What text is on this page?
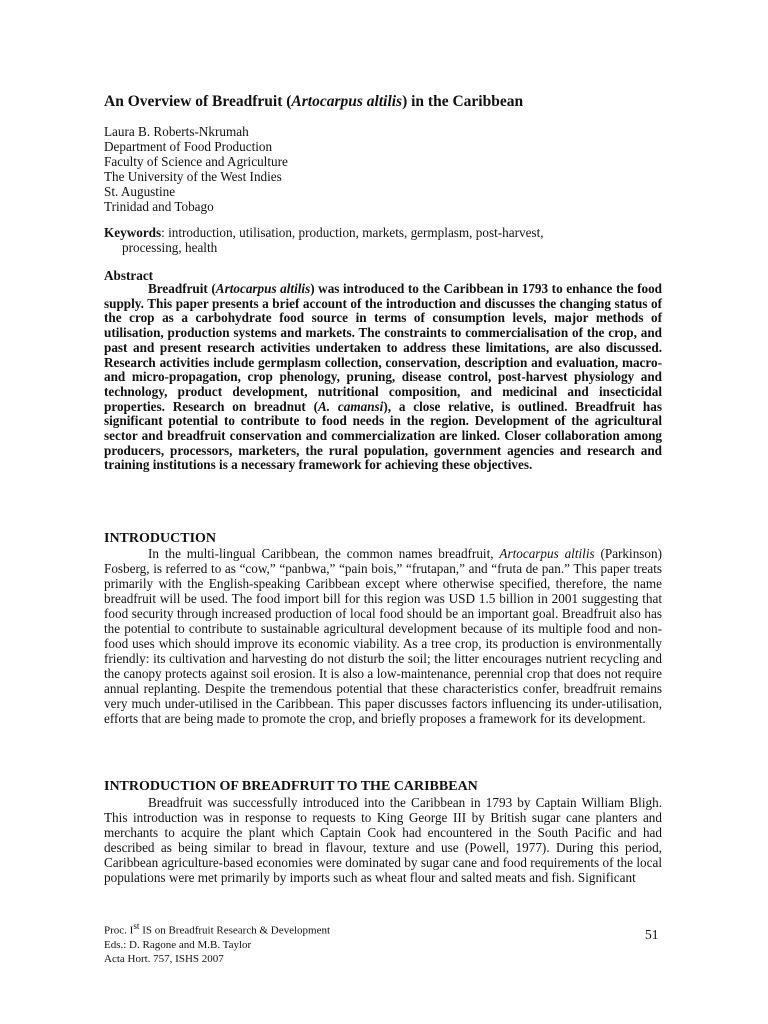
An Overview of Breadfruit (Artocarpus altilis) in the Caribbean
Laura B. Roberts-Nkrumah
Department of Food Production
Faculty of Science and Agriculture
The University of the West Indies
St. Augustine
Trinidad and Tobago
Keywords: introduction, utilisation, production, markets, germplasm, post-harvest,
processing, health
Abstract

Breadfruit (Artocarpus altilis) was introduced to the Caribbean in 1793 to enhance the food supply. This paper presents a brief account of the introduction and discusses the changing status of the crop as a carbohydrate food source in terms of consumption levels, major methods of utilisation, production systems and markets. The constraints to commercialisation of the crop, and past and present research activities undertaken to address these limitations, are also discussed. Research activities include germplasm collection, conservation, description and evaluation, macro- and micro-propagation, crop phenology, pruning, disease control, post-harvest physiology and technology, product development, nutritional composition, and medicinal and insecticidal properties. Research on breadnut (A. camansi), a close relative, is outlined. Breadfruit has significant potential to contribute to food needs in the region. Development of the agricultural sector and breadfruit conservation and commercialization are linked. Closer collaboration among producers, processors, marketers, the rural population, government agencies and research and training institutions is a necessary framework for achieving these objectives.

INTRODUCTION

In the multi-lingual Caribbean, the common names breadfruit, Artocarpus altilis (Parkinson) Fosberg, is referred to as “cow,” “panbwa,” “pain bois,” “frutapan,” and “fruta de pan.” This paper treats primarily with the English-speaking Caribbean except where otherwise specified, therefore, the name breadfruit will be used. The food import bill for this region was USD 1.5 billion in 2001 suggesting that food security through increased production of local food should be an important goal. Breadfruit also has the potential to contribute to sustainable agricultural development because of its multiple food and non-food uses which should improve its economic viability. As a tree crop, its production is environmentally friendly: its cultivation and harvesting do not disturb the soil; the litter encourages nutrient recycling and the canopy protects against soil erosion. It is also a low-maintenance, perennial crop that does not require annual replanting. Despite the tremendous potential that these characteristics confer, breadfruit remains very much under-utilised in the Caribbean. This paper discusses factors influencing its under-utilisation, efforts that are being made to promote the crop, and briefly proposes a framework for its development.

INTRODUCTION OF BREADFRUIT TO THE CARIBBEAN

Breadfruit was successfully introduced into the Caribbean in 1793 by Captain William Bligh. This introduction was in response to requests to King George III by British sugar cane planters and merchants to acquire the plant which Captain Cook had encountered in the South Pacific and had described as being similar to bread in flavour, texture and use (Powell, 1977). During this period, Caribbean agriculture-based economies were dominated by sugar cane and food requirements of the local populations were met primarily by imports such as wheat flour and salted meats and fish. Significant

Proc. Ist IS on Breadfruit Research & Development
Eds.: D. Ragone and M.B. Taylor
Acta Hort. 757, ISHS 2007
51
